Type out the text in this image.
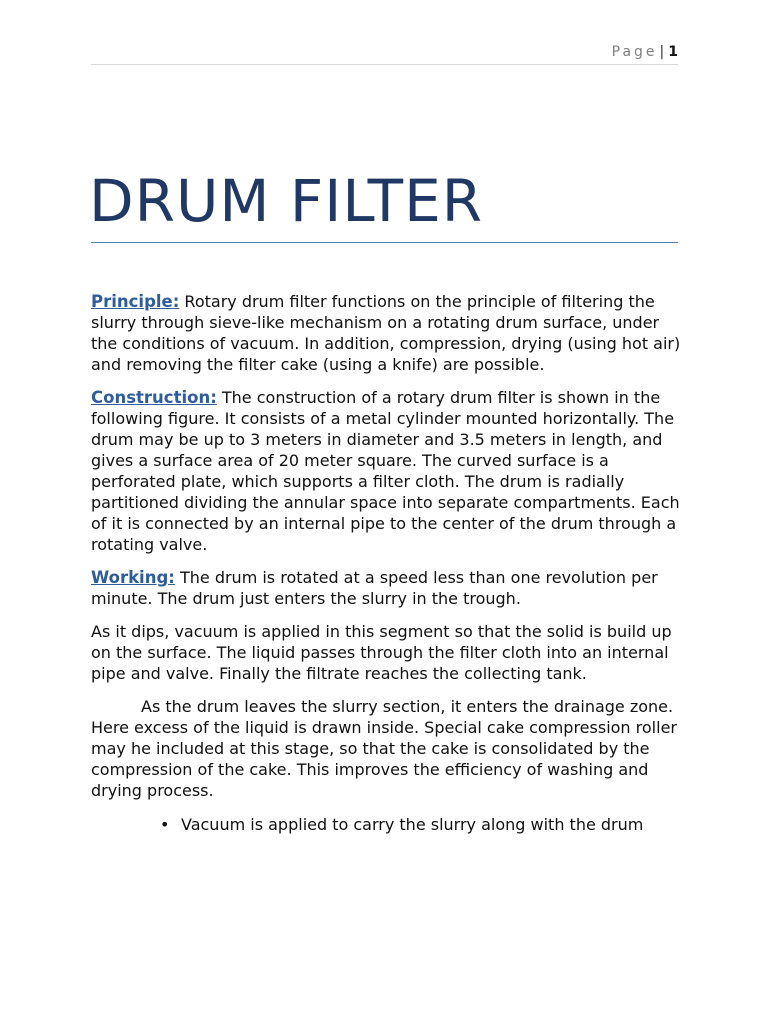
Page | 1
DRUM FILTER

Principle: Rotary drum filter functions on the principle of filtering the slurry through sieve-like mechanism on a rotating drum surface, under the conditions of vacuum. In addition, compression, drying (using hot air) and removing the filter cake (using a knife) are possible.

Construction: The construction of a rotary drum filter is shown in the following figure. It consists of a metal cylinder mounted horizontally. The drum may be up to 3 meters in diameter and 3.5 meters in length, and gives a surface area of 20 meter square. The curved surface is a perforated plate, which supports a filter cloth. The drum is radially partitioned dividing the annular space into separate compartments. Each of it is connected by an internal pipe to the center of the drum through a rotating valve.

Working: The drum is rotated at a speed less than one revolution per minute. The drum just enters the slurry in the trough.

As it dips, vacuum is applied in this segment so that the solid is build up on the surface. The liquid passes through the filter cloth into an internal pipe and valve. Finally the filtrate reaches the collecting tank.

As the drum leaves the slurry section, it enters the drainage zone. Here excess of the liquid is drawn inside. Special cake compression roller may he included at this stage, so that the cake is consolidated by the compression of the cake. This improves the efficiency of washing and drying process.

• Vacuum is applied to carry the slurry along with the drum
